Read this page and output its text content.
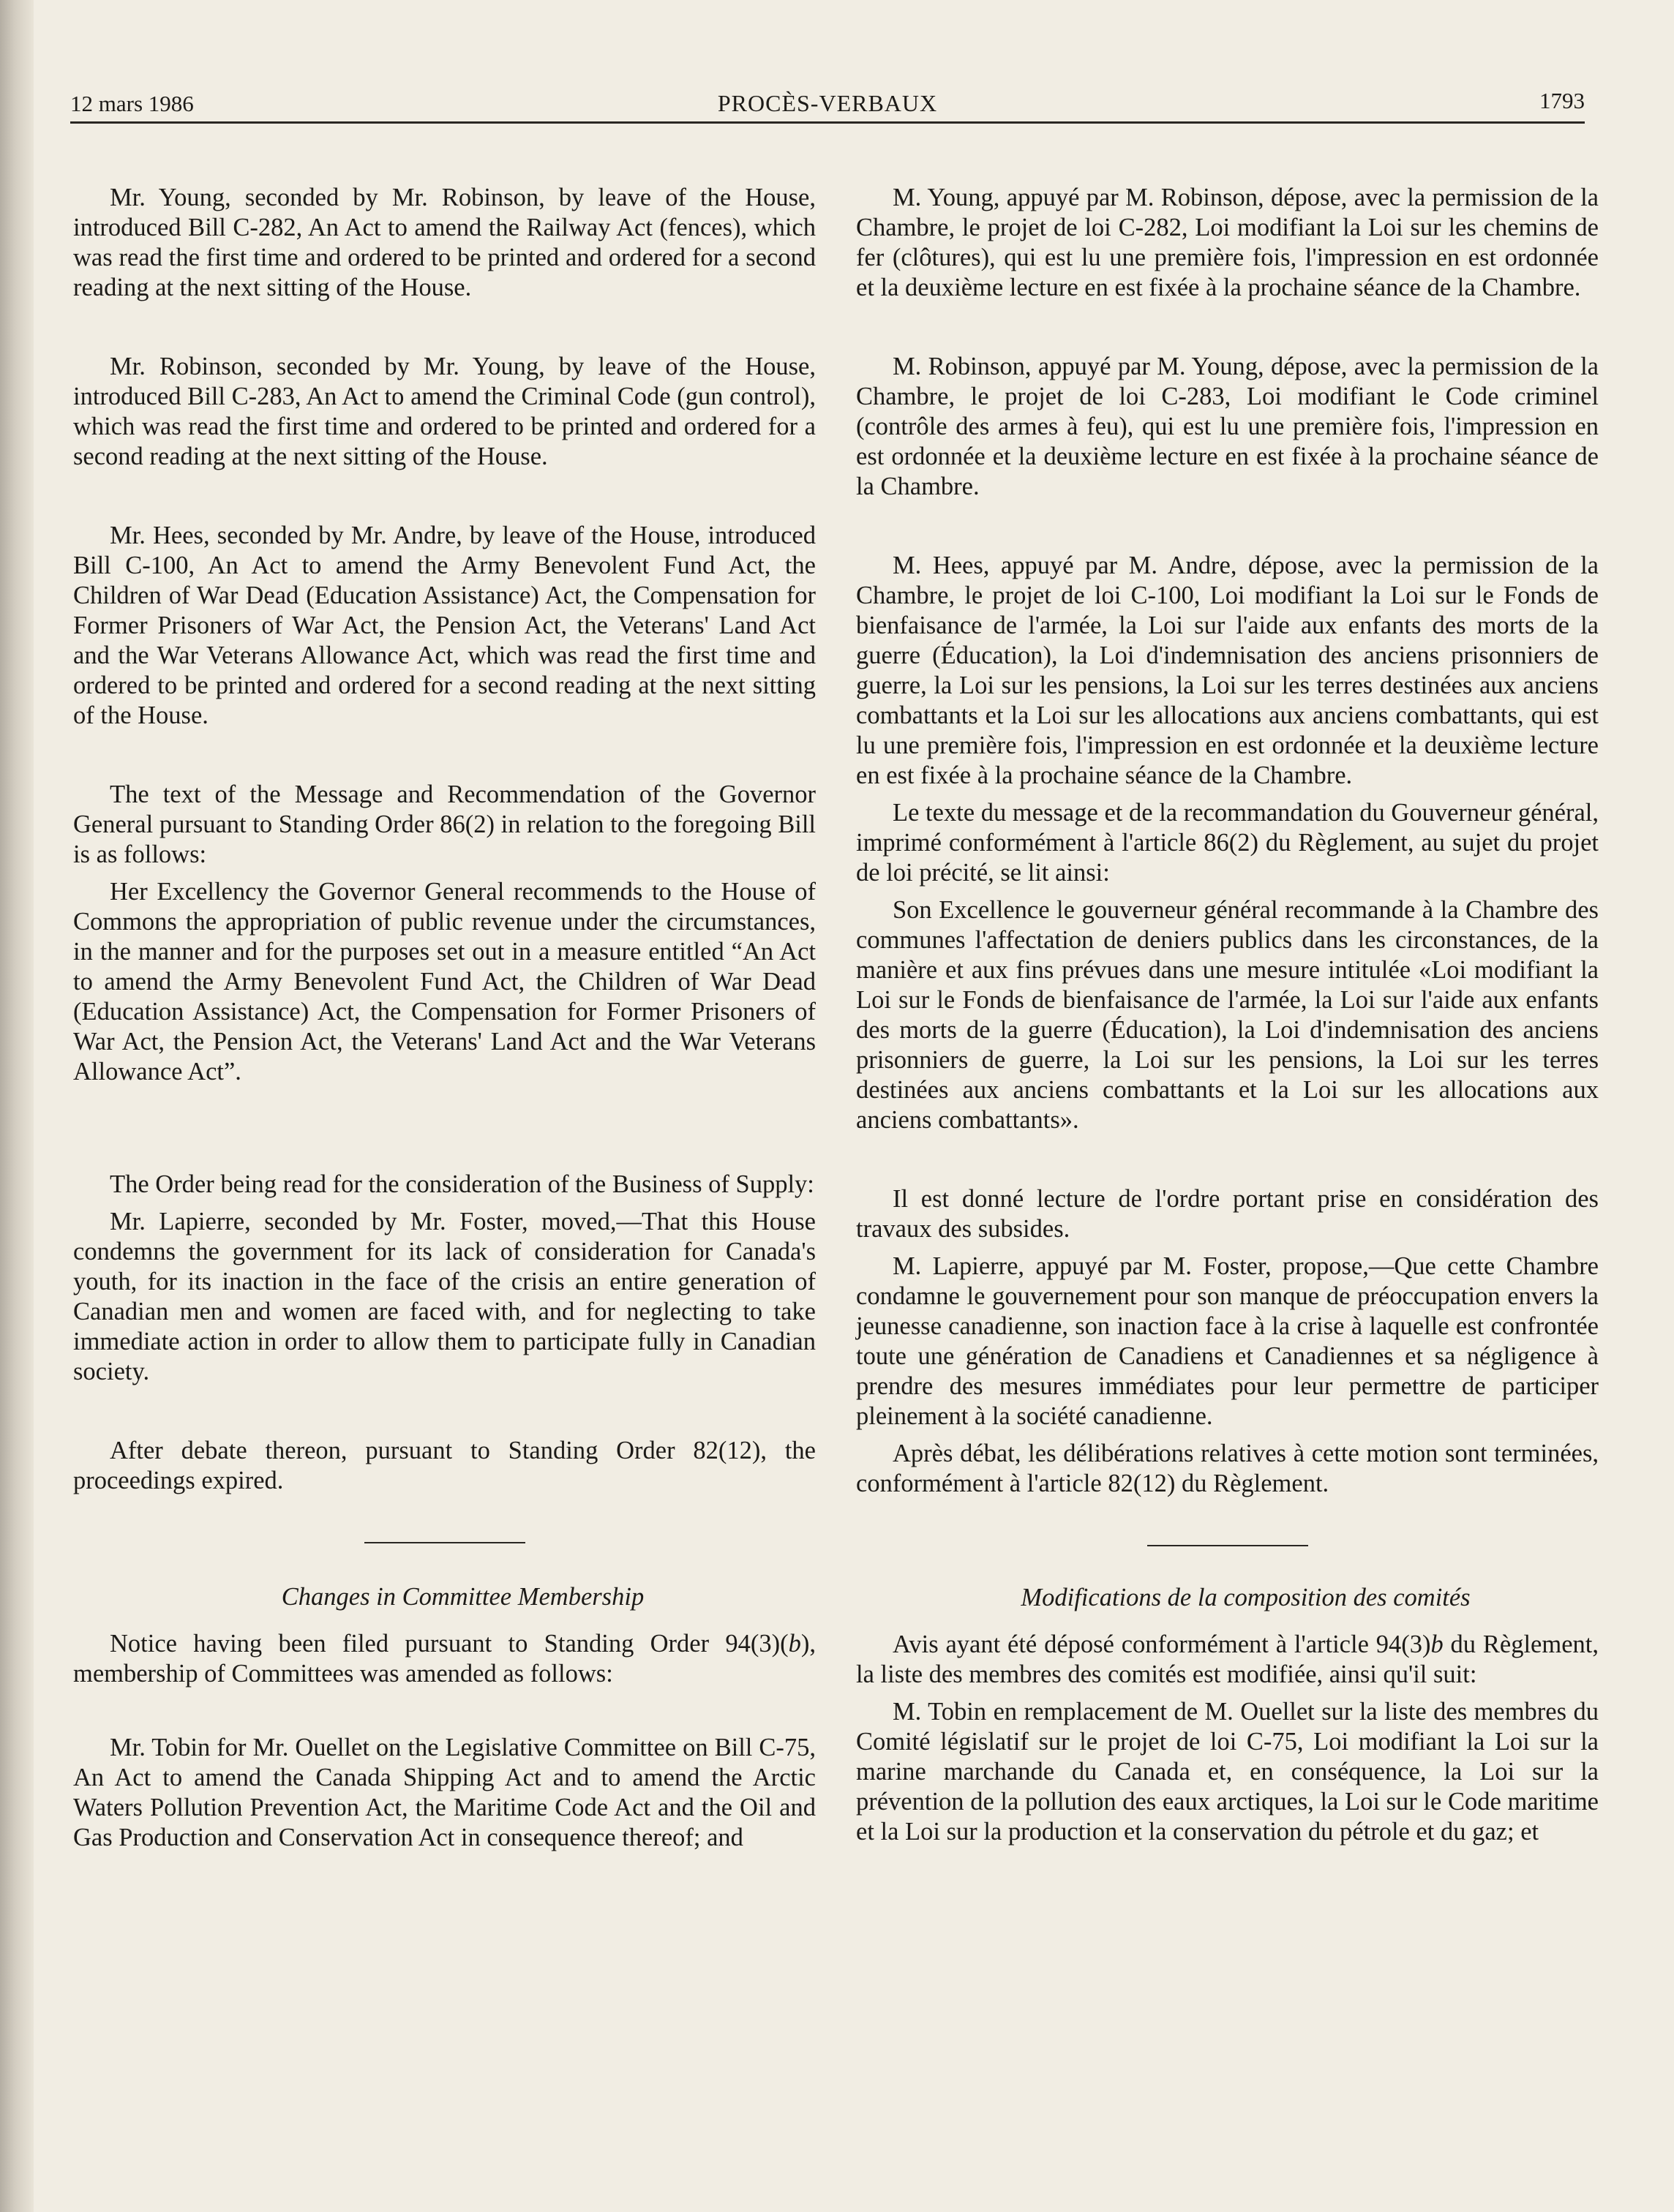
12 mars 1986	PROCÈS-VERBAUX	1793

Mr. Young, seconded by Mr. Robinson, by leave of the House, introduced Bill C-282, An Act to amend the Railway Act (fences), which was read the first time and ordered to be printed and ordered for a second reading at the next sitting of the House.

Mr. Robinson, seconded by Mr. Young, by leave of the House, introduced Bill C-283, An Act to amend the Criminal Code (gun control), which was read the first time and ordered to be printed and ordered for a second reading at the next sitting of the House.

Mr. Hees, seconded by Mr. Andre, by leave of the House, introduced Bill C-100, An Act to amend the Army Benevolent Fund Act, the Children of War Dead (Education Assistance) Act, the Compensation for Former Prisoners of War Act, the Pension Act, the Veterans' Land Act and the War Veterans Allowance Act, which was read the first time and ordered to be printed and ordered for a second reading at the next sitting of the House.

The text of the Message and Recommendation of the Governor General pursuant to Standing Order 86(2) in relation to the foregoing Bill is as follows:

Her Excellency the Governor General recommends to the House of Commons the appropriation of public revenue under the circumstances, in the manner and for the purposes set out in a measure entitled “An Act to amend the Army Benevolent Fund Act, the Children of War Dead (Education Assistance) Act, the Compensation for Former Prisoners of War Act, the Pension Act, the Veterans' Land Act and the War Veterans Allowance Act”.

The Order being read for the consideration of the Business of Supply:

Mr. Lapierre, seconded by Mr. Foster, moved,—That this House condemns the government for its lack of consideration for Canada's youth, for its inaction in the face of the crisis an entire generation of Canadian men and women are faced with, and for neglecting to take immediate action in order to allow them to participate fully in Canadian society.

After debate thereon, pursuant to Standing Order 82(12), the proceedings expired.

Changes in Committee Membership

Notice having been filed pursuant to Standing Order 94(3)(b), membership of Committees was amended as follows:

Mr. Tobin for Mr. Ouellet on the Legislative Committee on Bill C-75, An Act to amend the Canada Shipping Act and to amend the Arctic Waters Pollution Prevention Act, the Maritime Code Act and the Oil and Gas Production and Conservation Act in consequence thereof; and

M. Young, appuyé par M. Robinson, dépose, avec la permission de la Chambre, le projet de loi C-282, Loi modifiant la Loi sur les chemins de fer (clôtures), qui est lu une première fois, l'impression en est ordonnée et la deuxième lecture en est fixée à la prochaine séance de la Chambre.

M. Robinson, appuyé par M. Young, dépose, avec la permission de la Chambre, le projet de loi C-283, Loi modifiant le Code criminel (contrôle des armes à feu), qui est lu une première fois, l'impression en est ordonnée et la deuxième lecture en est fixée à la prochaine séance de la Chambre.

M. Hees, appuyé par M. Andre, dépose, avec la permission de la Chambre, le projet de loi C-100, Loi modifiant la Loi sur le Fonds de bienfaisance de l'armée, la Loi sur l'aide aux enfants des morts de la guerre (Éducation), la Loi d'indemnisation des anciens prisonniers de guerre, la Loi sur les pensions, la Loi sur les terres destinées aux anciens combattants et la Loi sur les allocations aux anciens combattants, qui est lu une première fois, l'impression en est ordonnée et la deuxième lecture en est fixée à la prochaine séance de la Chambre.

Le texte du message et de la recommandation du Gouverneur général, imprimé conformément à l'article 86(2) du Règlement, au sujet du projet de loi précité, se lit ainsi:

Son Excellence le gouverneur général recommande à la Chambre des communes l'affectation de deniers publics dans les circonstances, de la manière et aux fins prévues dans une mesure intitulée «Loi modifiant la Loi sur le Fonds de bienfaisance de l'armée, la Loi sur l'aide aux enfants des morts de la guerre (Éducation), la Loi d'indemnisation des anciens prisonniers de guerre, la Loi sur les pensions, la Loi sur les terres destinées aux anciens combattants et la Loi sur les allocations aux anciens combattants».

Il est donné lecture de l'ordre portant prise en considération des travaux des subsides.

M. Lapierre, appuyé par M. Foster, propose,—Que cette Chambre condamne le gouvernement pour son manque de préoccupation envers la jeunesse canadienne, son inaction face à la crise à laquelle est confrontée toute une génération de Canadiens et Canadiennes et sa négligence à prendre des mesures immédiates pour leur permettre de participer pleinement à la société canadienne.

Après débat, les délibérations relatives à cette motion sont terminées, conformément à l'article 82(12) du Règlement.

Modifications de la composition des comités

Avis ayant été déposé conformément à l'article 94(3)b du Règlement, la liste des membres des comités est modifiée, ainsi qu'il suit:

M. Tobin en remplacement de M. Ouellet sur la liste des membres du Comité législatif sur le projet de loi C-75, Loi modifiant la Loi sur la marine marchande du Canada et, en conséquence, la Loi sur la prévention de la pollution des eaux arctiques, la Loi sur le Code maritime et la Loi sur la production et la conservation du pétrole et du gaz; et
